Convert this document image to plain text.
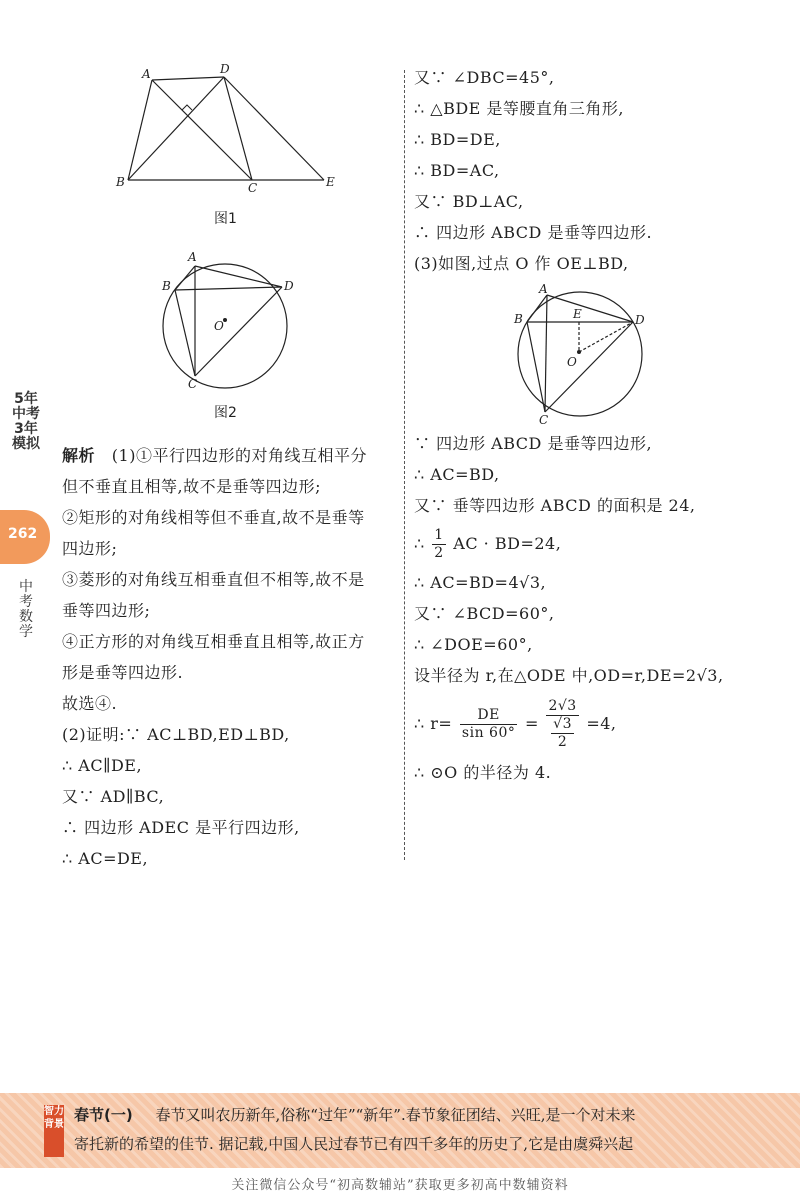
5年中考3年模拟
262
中考数学
A	D
B	C	E
图1
A
B	D
O
C
图2
解析 (1)①平行四边形的对角线互相平分
但不垂直且相等,故不是垂等四边形;
②矩形的对角线相等但不垂直,故不是垂等
四边形;
③菱形的对角线互相垂直但不相等,故不是
垂等四边形;
④正方形的对角线互相垂直且相等,故正方
形是垂等四边形.
故选④.
(2)证明:∵ AC⊥BD,ED⊥BD,
∴ AC∥DE,
又∵ AD∥BC,
∴ 四边形 ADEC 是平行四边形,
∴ AC=DE,
又∵ ∠DBC=45°,
∴ △BDE 是等腰直角三角形,
∴ BD=DE,
∴ BD=AC,
又∵ BD⊥AC,
∴ 四边形 ABCD 是垂等四边形.
(3)如图,过点 O 作 OE⊥BD,
A
B	E	D
O
C
∵ 四边形 ABCD 是垂等四边形,
∴ AC=BD,
又∵ 垂等四边形 ABCD 的面积是 24,
∴ $\frac{1}{2}$ AC · BD=24,
∴ AC=BD=4√3,
又∵ ∠BCD=60°,
∴ ∠DOE=60°,
设半径为 r,在△ODE 中,OD=r,DE=2√3,
∴ $r= \frac{DE}{\sin 60^\circ} = \frac{2√3}{\frac{√3}{2}} =4$,
∴ ⊙O 的半径为 4.
智力背景
春节(一) 春节又叫农历新年,俗称“过年”“新年”.春节象征团结、兴旺,是一个对未来
寄托新的希望的佳节. 据记载,中国人民过春节已有四千多年的历史了,它是由虞舜兴起
关注微信公众号“初高数辅站”获取更多初高中数辅资料
